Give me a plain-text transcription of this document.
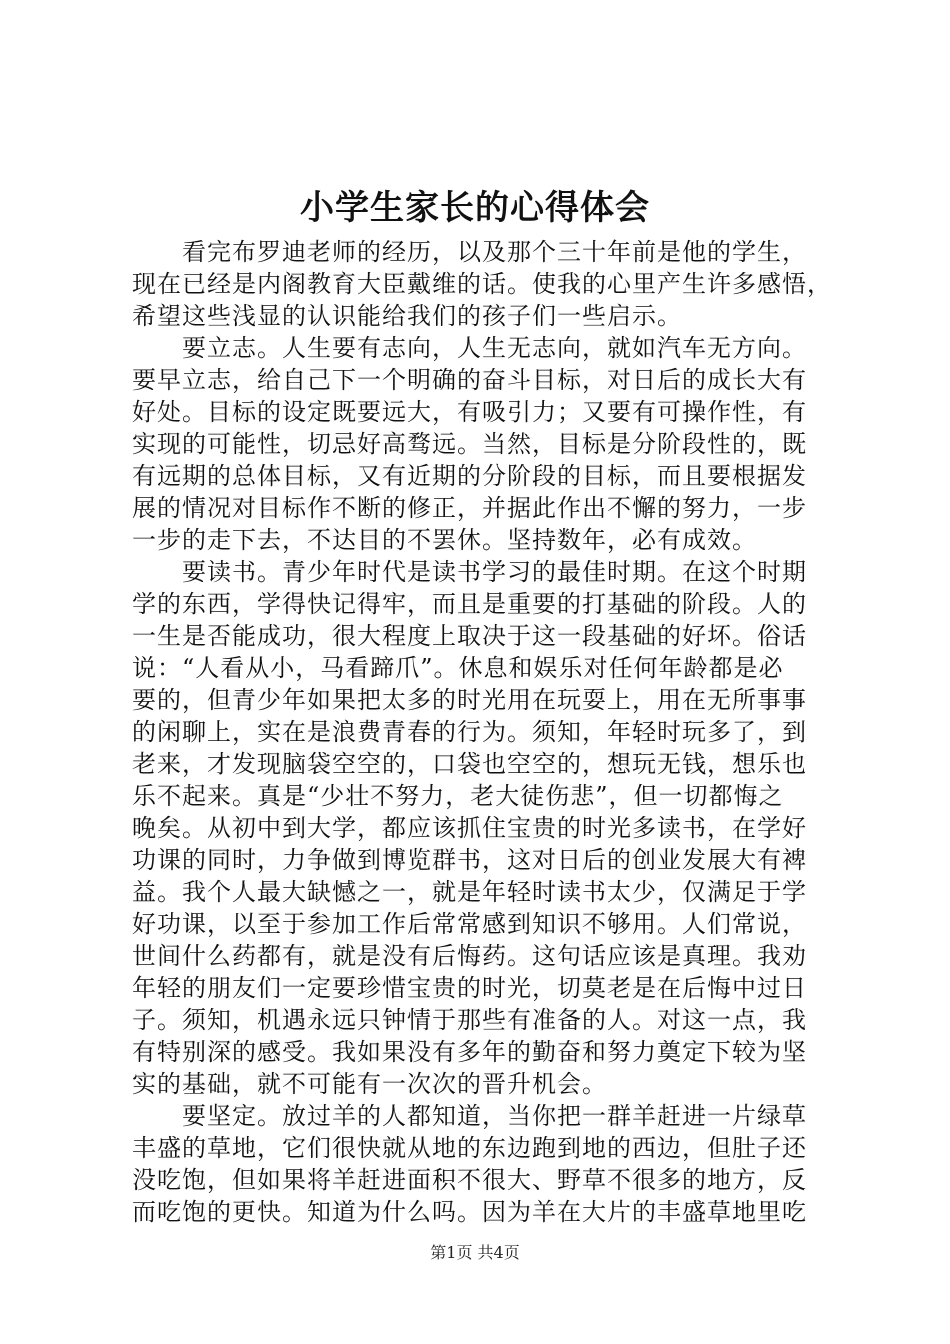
小学生家长的心得体会
　　看完布罗迪老师的经历，以及那个三十年前是他的学生，
现在已经是内阁教育大臣戴维的话。使我的心里产生许多感悟，
希望这些浅显的认识能给我们的孩子们一些启示。
　　要立志。人生要有志向，人生无志向，就如汽车无方向。
要早立志，给自己下一个明确的奋斗目标，对日后的成长大有
好处。目标的设定既要远大，有吸引力；又要有可操作性，有
实现的可能性，切忌好高骛远。当然，目标是分阶段性的，既
有远期的总体目标，又有近期的分阶段的目标，而且要根据发
展的情况对目标作不断的修正，并据此作出不懈的努力，一步
一步的走下去，不达目的不罢休。坚持数年，必有成效。
　　要读书。青少年时代是读书学习的最佳时期。在这个时期
学的东西，学得快记得牢，而且是重要的打基础的阶段。人的
一生是否能成功，很大程度上取决于这一段基础的好坏。俗话
说：“人看从小，马看蹄爪”。休息和娱乐对任何年龄都是必
要的，但青少年如果把太多的时光用在玩耍上，用在无所事事
的闲聊上，实在是浪费青春的行为。须知，年轻时玩多了，到
老来，才发现脑袋空空的，口袋也空空的，想玩无钱，想乐也
乐不起来。真是“少壮不努力，老大徒伤悲”，但一切都悔之
晚矣。从初中到大学，都应该抓住宝贵的时光多读书，在学好
功课的同时，力争做到博览群书，这对日后的创业发展大有裨
益。我个人最大缺憾之一，就是年轻时读书太少，仅满足于学
好功课，以至于参加工作后常常感到知识不够用。人们常说，
世间什么药都有，就是没有后悔药。这句话应该是真理。我劝
年轻的朋友们一定要珍惜宝贵的时光，切莫老是在后悔中过日
子。须知，机遇永远只钟情于那些有准备的人。对这一点，我
有特别深的感受。我如果没有多年的勤奋和努力奠定下较为坚
实的基础，就不可能有一次次的晋升机会。
　　要坚定。放过羊的人都知道，当你把一群羊赶进一片绿草
丰盛的草地，它们很快就从地的东边跑到地的西边，但肚子还
没吃饱，但如果将羊赶进面积不很大、野草不很多的地方，反
而吃饱的更快。知道为什么吗。因为羊在大片的丰盛草地里吃
第1页 共4页
